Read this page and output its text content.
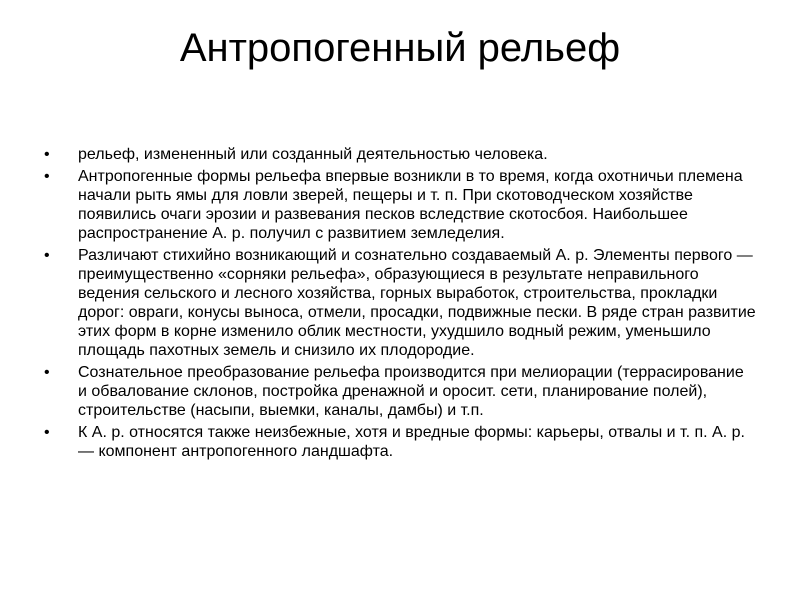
Антропогенный рельеф
• рельеф, измененный или созданный деятельностью человека.
• Антропогенные формы рельефа впервые возникли в то время, когда охотничьи племена начали рыть ямы для ловли зверей, пещеры и т. п. При скотоводческом хозяйстве появились очаги эрозии и развевания песков вследствие скотосбоя. Наибольшее распространение А. р. получил с развитием земледелия.
• Различают стихийно возникающий и сознательно создаваемый А. р. Элементы первого — преимущественно «сорняки рельефа», образующиеся в результате неправильного ведения сельского и лесного хозяйства, горных выработок, строительства, прокладки дорог: овраги, конусы выноса, отмели, просадки, подвижные пески. В ряде стран развитие этих форм в корне изменило облик местности, ухудшило водный режим, уменьшило площадь пахотных земель и снизило их плодородие.
• Сознательное преобразование рельефа производится при мелиорации (террасирование и обвалование склонов, постройка дренажной и оросит. сети, планирование полей), строительстве (насыпи, выемки, каналы, дамбы) и т.п.
• К А. р. относятся также неизбежные, хотя и вредные формы: карьеры, отвалы и т. п. А. р. — компонент антропогенного ландшафта.
